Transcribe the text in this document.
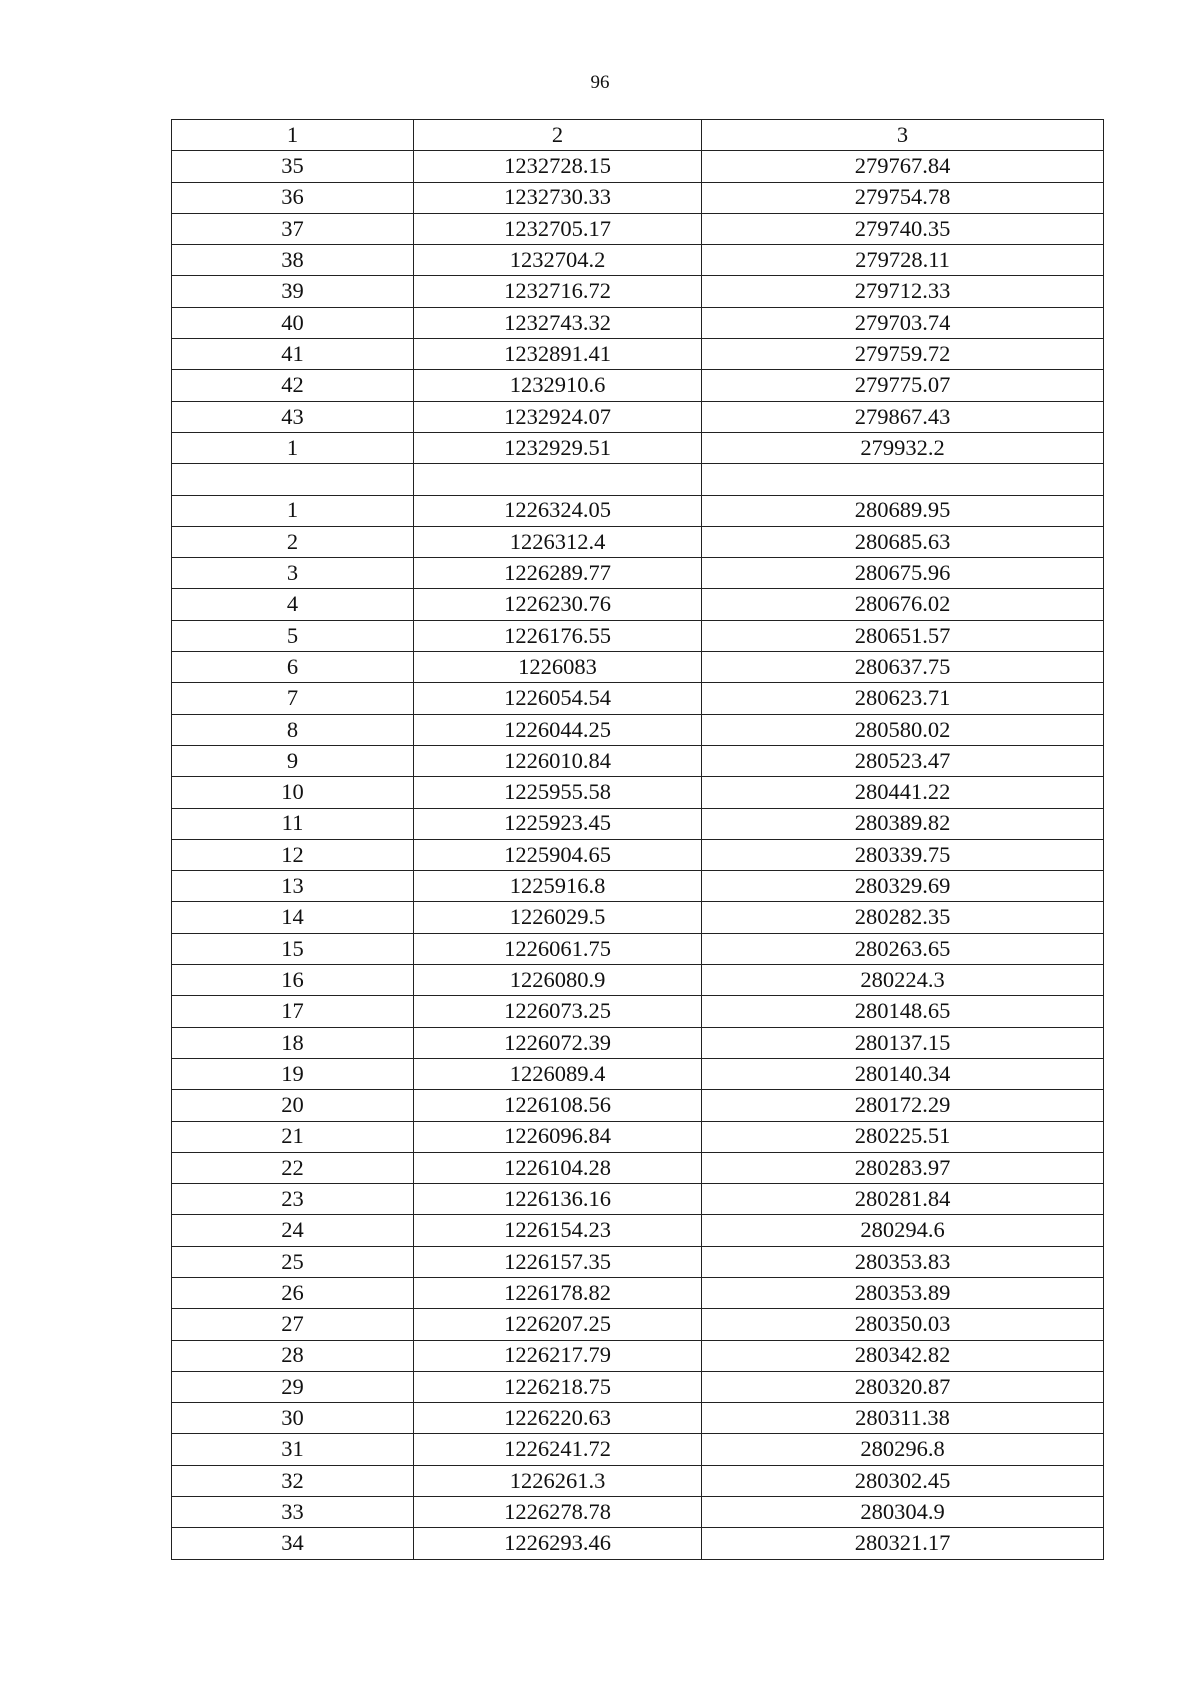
96
1	2	3
35	1232728.15	279767.84
36	1232730.33	279754.78
37	1232705.17	279740.35
38	1232704.2	279728.11
39	1232716.72	279712.33
40	1232743.32	279703.74
41	1232891.41	279759.72
42	1232910.6	279775.07
43	1232924.07	279867.43
1	1232929.51	279932.2

1	1226324.05	280689.95
2	1226312.4	280685.63
3	1226289.77	280675.96
4	1226230.76	280676.02
5	1226176.55	280651.57
6	1226083	280637.75
7	1226054.54	280623.71
8	1226044.25	280580.02
9	1226010.84	280523.47
10	1225955.58	280441.22
11	1225923.45	280389.82
12	1225904.65	280339.75
13	1225916.8	280329.69
14	1226029.5	280282.35
15	1226061.75	280263.65
16	1226080.9	280224.3
17	1226073.25	280148.65
18	1226072.39	280137.15
19	1226089.4	280140.34
20	1226108.56	280172.29
21	1226096.84	280225.51
22	1226104.28	280283.97
23	1226136.16	280281.84
24	1226154.23	280294.6
25	1226157.35	280353.83
26	1226178.82	280353.89
27	1226207.25	280350.03
28	1226217.79	280342.82
29	1226218.75	280320.87
30	1226220.63	280311.38
31	1226241.72	280296.8
32	1226261.3	280302.45
33	1226278.78	280304.9
34	1226293.46	280321.17
